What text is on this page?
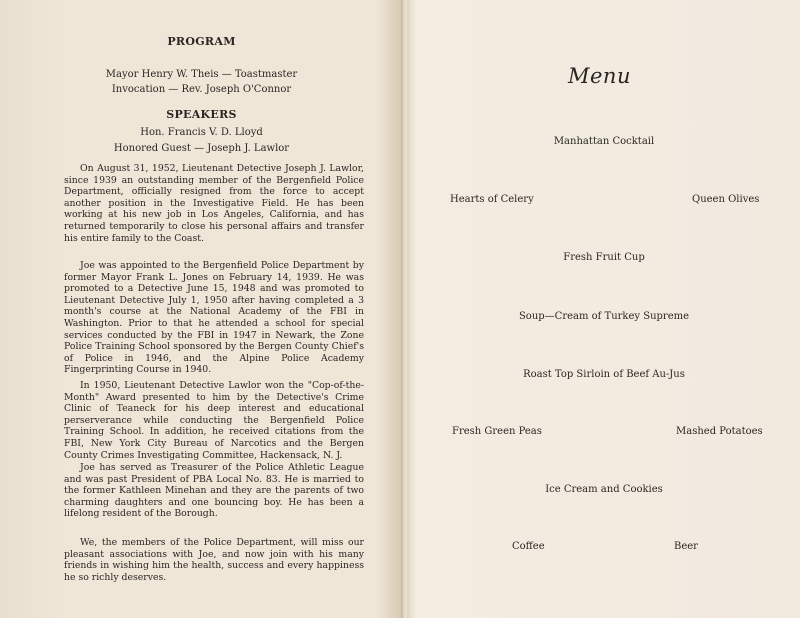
PROGRAM
Mayor Henry W. Theis — Toastmaster
Invocation — Rev. Joseph O'Connor
SPEAKERS
Hon. Francis V. D. Lloyd
Honored Guest — Joseph J. Lawlor

On August 31, 1952, Lieutenant Detective Joseph J. Lawlor, since 1939 an outstanding member of the Bergenfield Police Department, officially resigned from the force to accept another position in the Investigative Field. He has been working at his new job in Los Angeles, California, and has returned temporarily to close his personal affairs and transfer his entire family to the Coast.

Joe was appointed to the Bergenfield Police Department by former Mayor Frank L. Jones on February 14, 1939. He was promoted to a Detective June 15, 1948 and was promoted to Lieutenant Detective July 1, 1950 after having completed a 3 month's course at the National Academy of the FBI in Washington. Prior to that he attended a school for special services conducted by the FBI in 1947 in Newark, the Zone Police Training School sponsored by the Bergen County Chief's of Police in 1946, and the Alpine Police Academy Fingerprinting Course in 1940.

In 1950, Lieutenant Detective Lawlor won the "Cop-of-the-Month" Award presented to him by the Detective's Crime Clinic of Teaneck for his deep interest and educational perserverance while conducting the Bergenfield Police Training School. In addition, he received citations from the FBI, New York City Bureau of Narcotics and the Bergen County Crimes Investigating Committee, Hackensack, N. J.

Joe has served as Treasurer of the Police Athletic League and was past President of PBA Local No. 83. He is married to the former Kathleen Minehan and they are the parents of two charming daughters and one bouncing boy. He has been a lifelong resident of the Borough.

We, the members of the Police Department, will miss our pleasant associations with Joe, and now join with his many friends in wishing him the health, success and every happiness he so richly deserves.

Menu
Manhattan Cocktail
Hearts of Celery	Queen Olives
Fresh Fruit Cup
Soup—Cream of Turkey Supreme
Roast Top Sirloin of Beef Au-Jus
Fresh Green Peas	Mashed Potatoes
Ice Cream and Cookies
Coffee	Beer
